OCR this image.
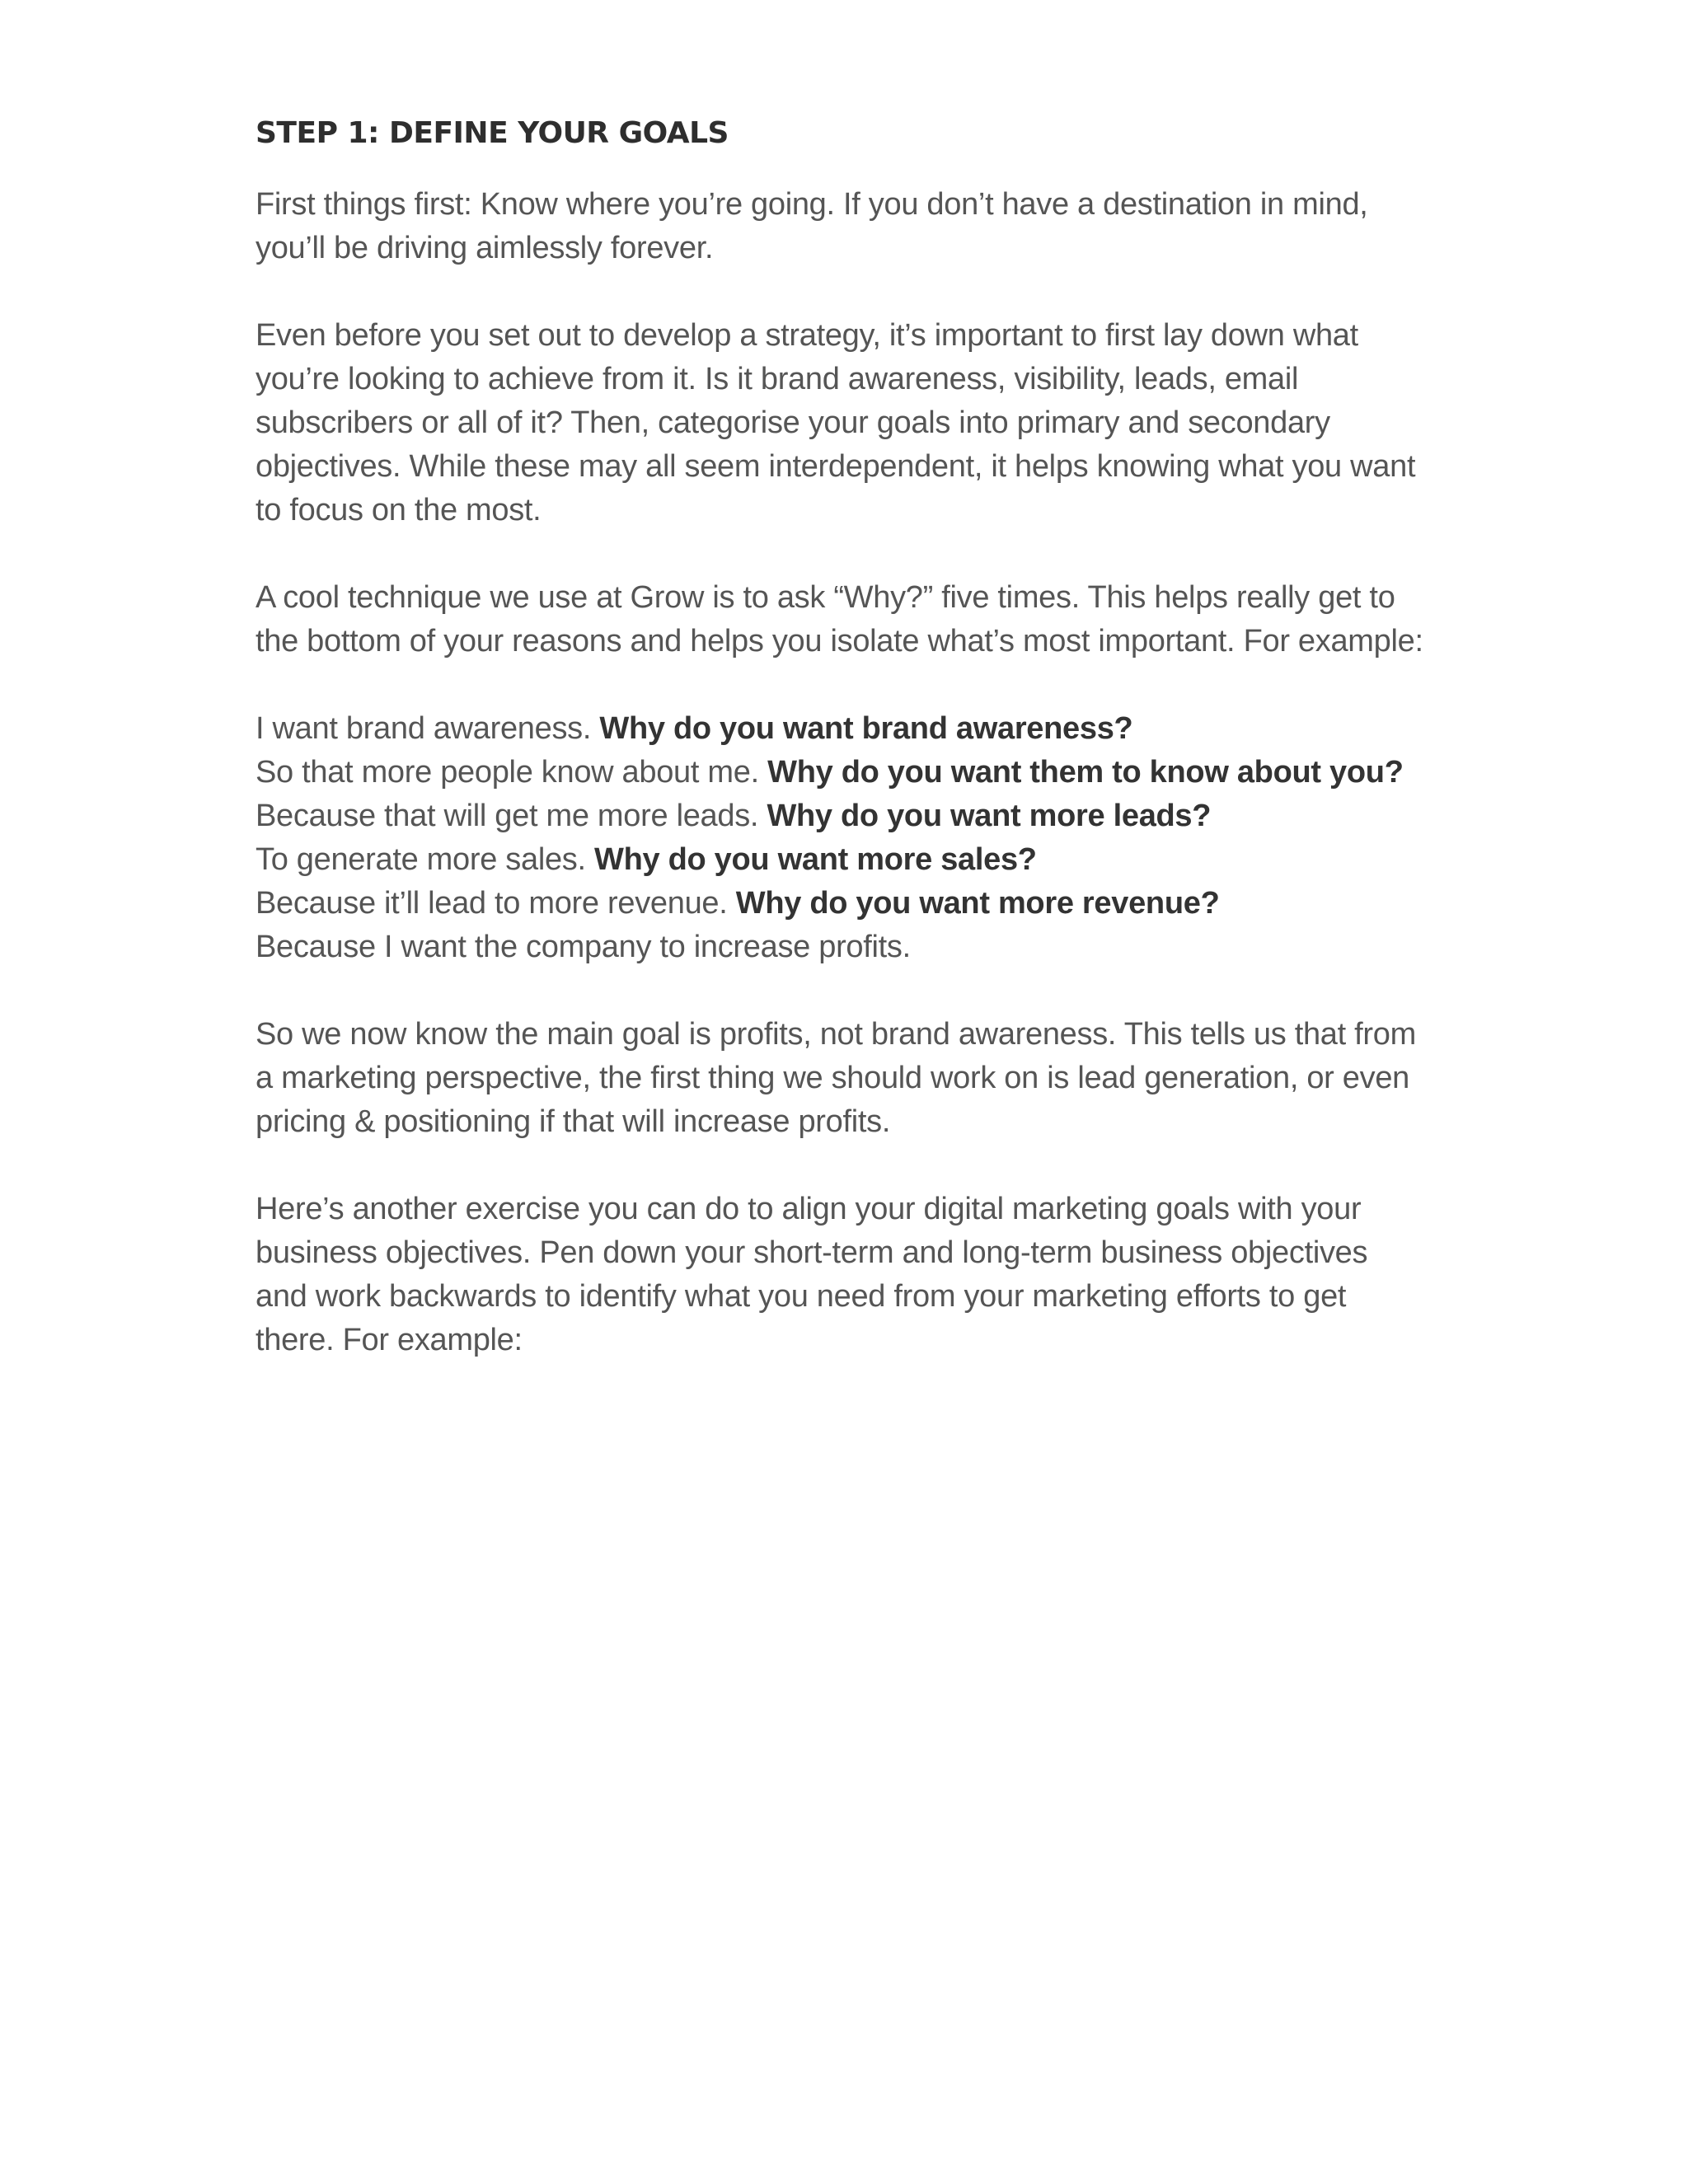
STEP 1: DEFINE YOUR GOALS

First things first: Know where you’re going. If you don’t have a destination in mind, you’ll be driving aimlessly forever.

Even before you set out to develop a strategy, it’s important to first lay down what you’re looking to achieve from it. Is it brand awareness, visibility, leads, email subscribers or all of it? Then, categorise your goals into primary and secondary objectives. While these may all seem interdependent, it helps knowing what you want to focus on the most.

A cool technique we use at Grow is to ask “Why?” five times. This helps really get to the bottom of your reasons and helps you isolate what’s most important. For example:

I want brand awareness. Why do you want brand awareness?
So that more people know about me. Why do you want them to know about you?
Because that will get me more leads. Why do you want more leads?
To generate more sales. Why do you want more sales?
Because it’ll lead to more revenue. Why do you want more revenue?
Because I want the company to increase profits.

So we now know the main goal is profits, not brand awareness. This tells us that from a marketing perspective, the first thing we should work on is lead generation, or even pricing & positioning if that will increase profits.

Here’s another exercise you can do to align your digital marketing goals with your business objectives. Pen down your short-term and long-term business objectives and work backwards to identify what you need from your marketing efforts to get there. For example:
